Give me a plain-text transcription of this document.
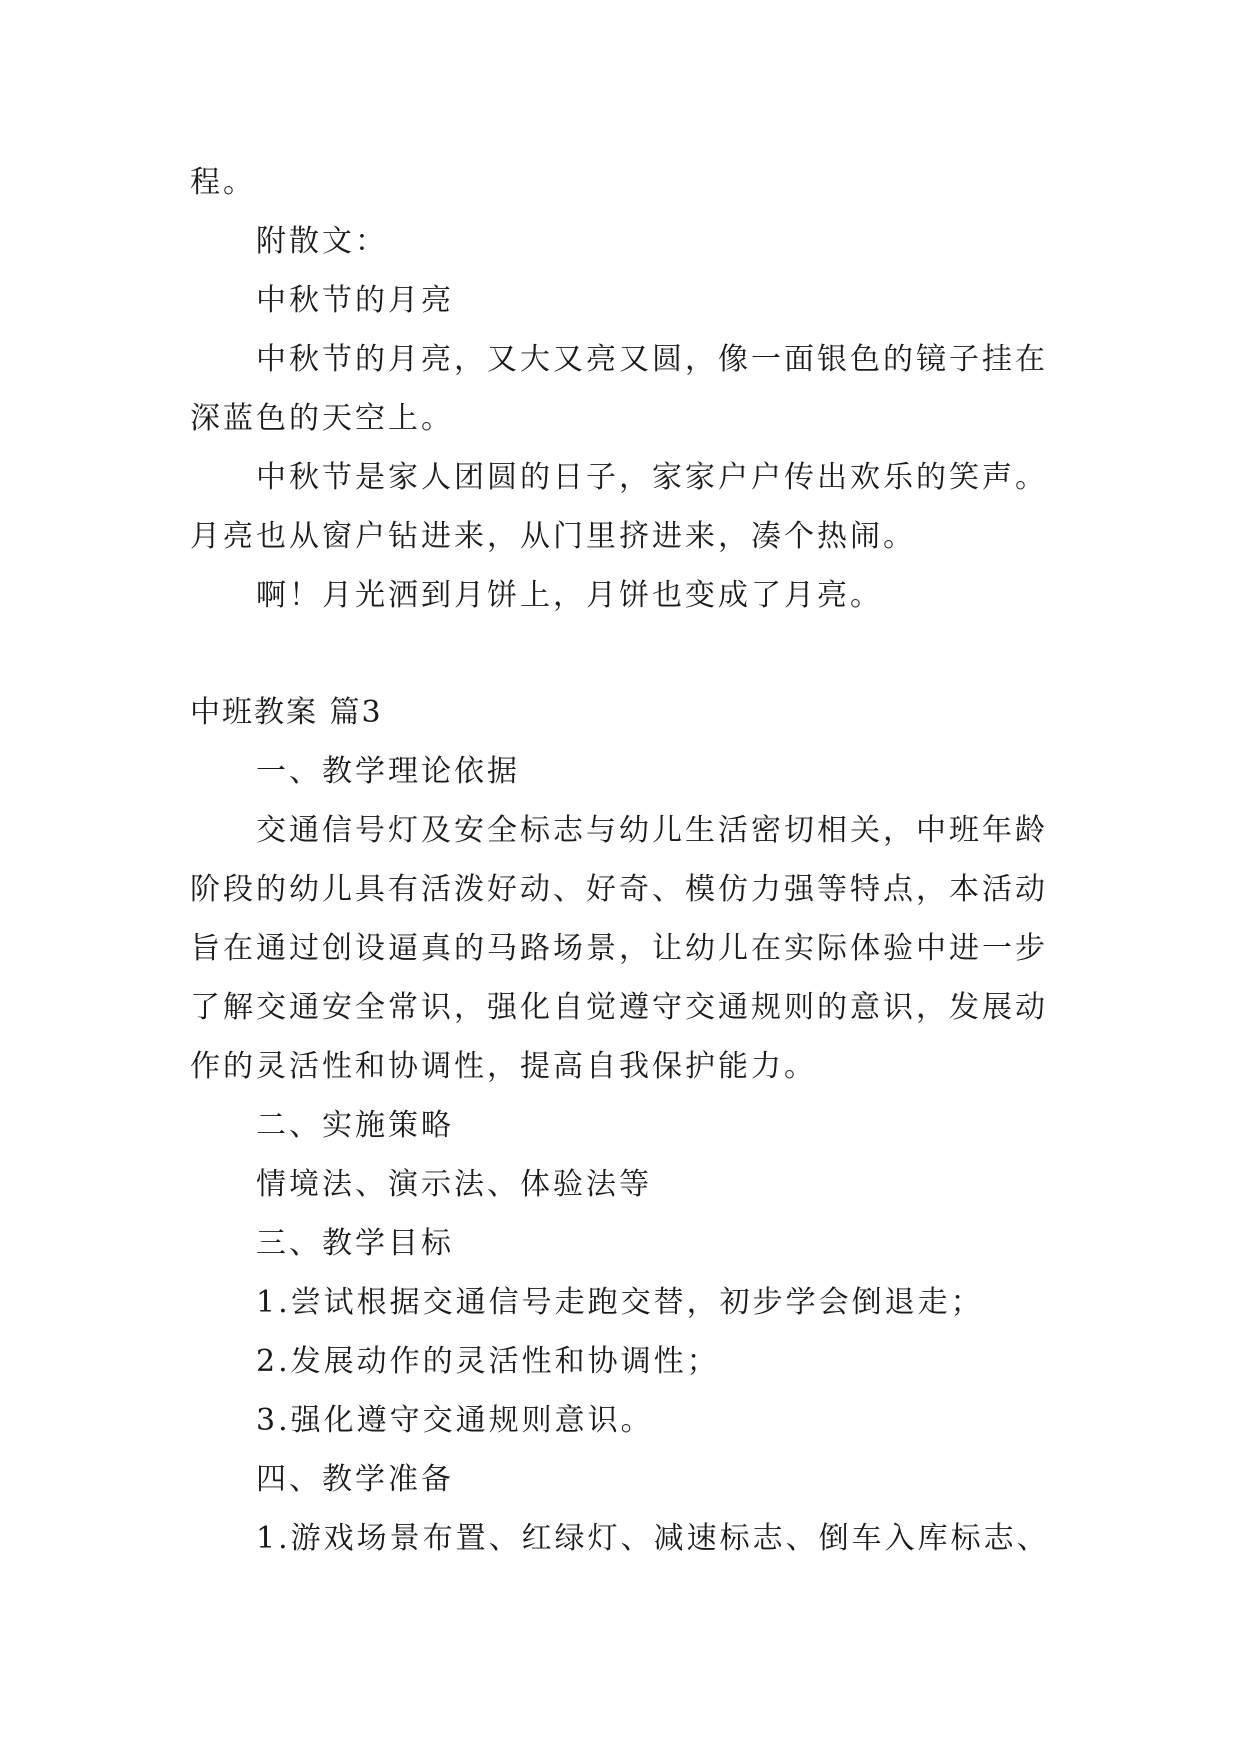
程。
附散文：
中秋节的月亮
中秋节的月亮，又大又亮又圆，像一面银色的镜子挂在
深蓝色的天空上。
中秋节是家人团圆的日子，家家户户传出欢乐的笑声。
月亮也从窗户钻进来，从门里挤进来，凑个热闹。
啊！月光洒到月饼上，月饼也变成了月亮。
中班教案 篇3
一、教学理论依据
交通信号灯及安全标志与幼儿生活密切相关，中班年龄
阶段的幼儿具有活泼好动、好奇、模仿力强等特点，本活动
旨在通过创设逼真的马路场景，让幼儿在实际体验中进一步
了解交通安全常识，强化自觉遵守交通规则的意识，发展动
作的灵活性和协调性，提高自我保护能力。
二、实施策略
情境法、演示法、体验法等
三、教学目标
1.尝试根据交通信号走跑交替，初步学会倒退走；
2.发展动作的灵活性和协调性；
3.强化遵守交通规则意识。
四、教学准备
1.游戏场景布置、红绿灯、减速标志、倒车入库标志、
